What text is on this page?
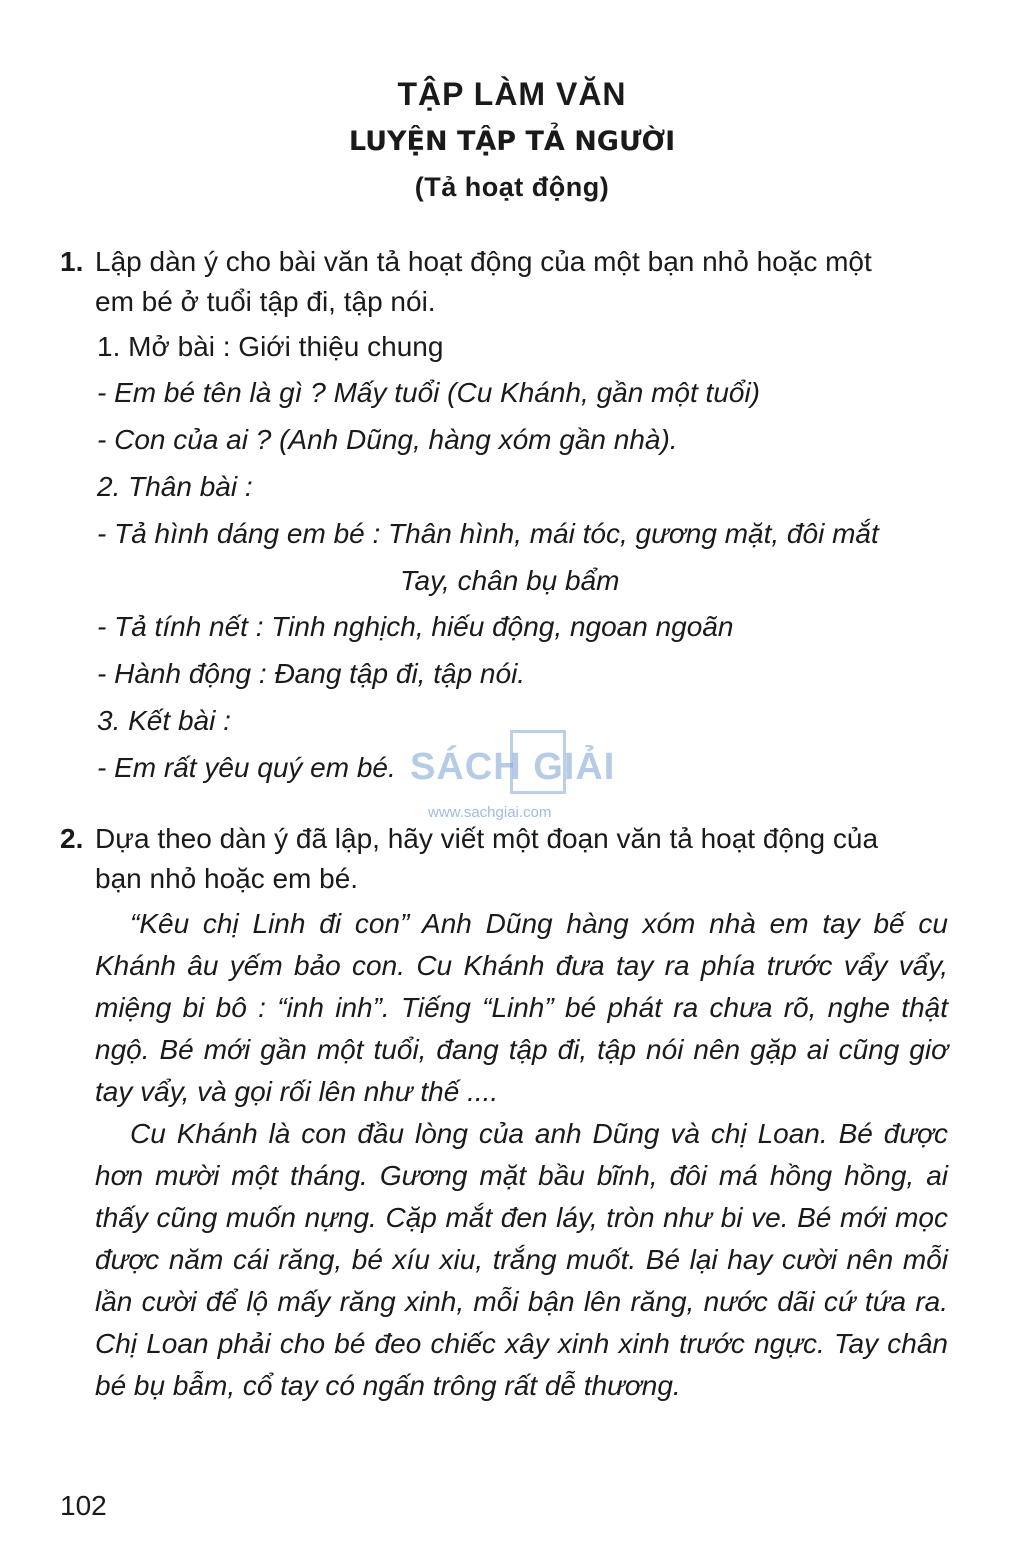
TẬP LÀM VĂN
LUYỆN TẬP TẢ NGƯỜI
(Tả hoạt động)
1. Lập dàn ý cho bài văn tả hoạt động của một bạn nhỏ hoặc một
em bé ở tuổi tập đi, tập nói.
1. Mở bài : Giới thiệu chung
- Em bé tên là gì ? Mấy tuổi (Cu Khánh, gần một tuổi)
- Con của ai ? (Anh Dũng, hàng xóm gần nhà).
2. Thân bài :
- Tả hình dáng em bé : Thân hình, mái tóc, gương mặt, đôi mắt
Tay, chân bụ bẩm
- Tả tính nết : Tinh nghịch, hiếu động, ngoan ngoãn
- Hành động : Đang tập đi, tập nói.
3. Kết bài :
- Em rất yêu quý em bé. SÁCH GIẢI
www.sachgiai.com
2. Dựa theo dàn ý đã lập, hãy viết một đoạn văn tả hoạt động của
bạn nhỏ hoặc em bé.
“Kêu chị Linh đi con” Anh Dũng hàng xóm nhà em tay bế cu Khánh âu yếm bảo con. Cu Khánh đưa tay ra phía trước vẩy vẩy, miệng bi bô : “inh inh”. Tiếng “Linh” bé phát ra chưa rõ, nghe thật ngộ. Bé mới gần một tuổi, đang tập đi, tập nói nên gặp ai cũng giơ tay vẩy, và gọi rối lên như thế ....
Cu Khánh là con đầu lòng của anh Dũng và chị Loan. Bé được hơn mười một tháng. Gương mặt bầu bĩnh, đôi má hồng hồng, ai thấy cũng muốn nựng. Cặp mắt đen láy, tròn như bi ve. Bé mới mọc được năm cái răng, bé xíu xiu, trắng muốt. Bé lại hay cười nên mỗi lần cười để lộ mấy răng xinh, mỗi bận lên răng, nước dãi cứ tứa ra. Chị Loan phải cho bé đeo chiếc xây xinh xinh trước ngực. Tay chân bé bụ bẫm, cổ tay có ngấn trông rất dễ thương.
102
